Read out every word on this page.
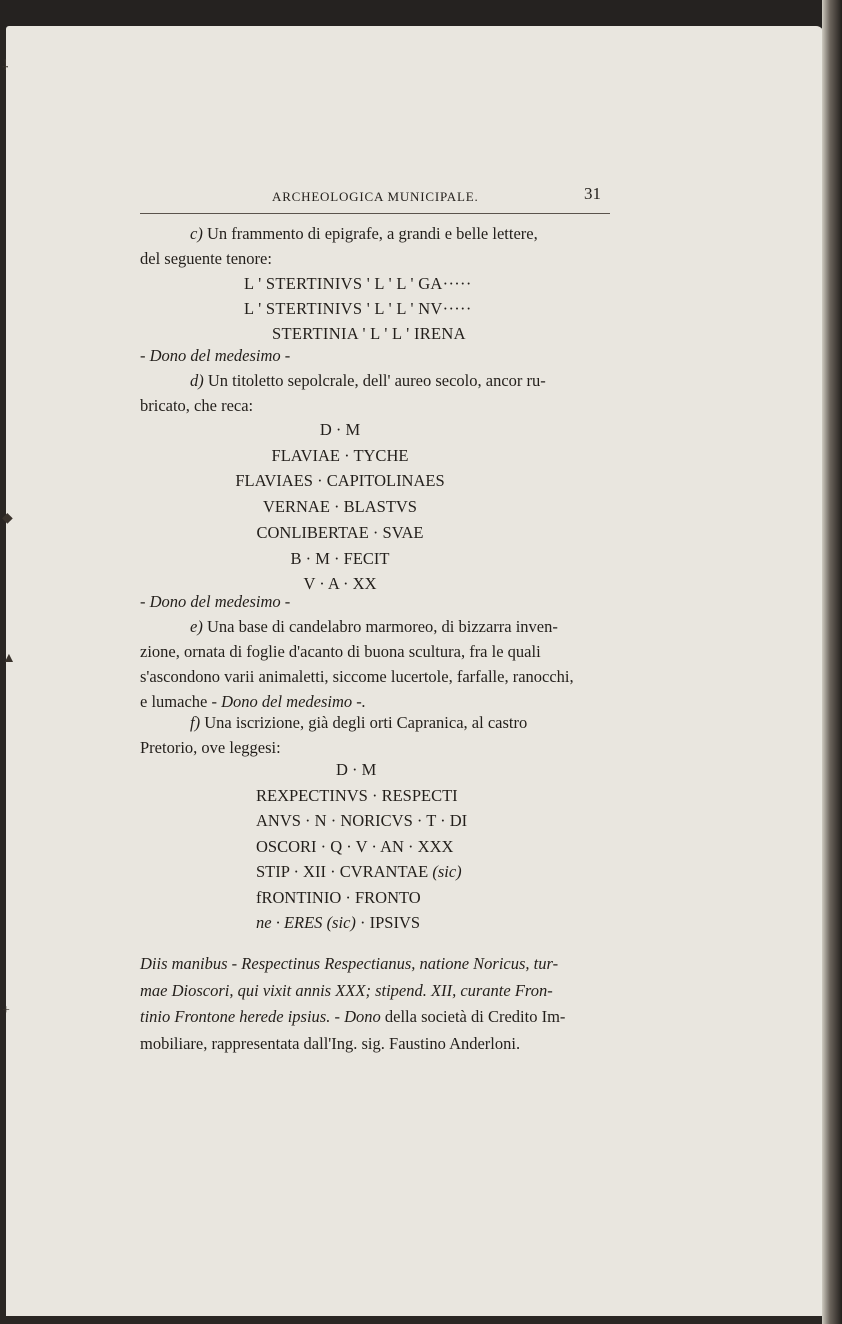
⸸
◆
▲
+
ARCHEOLOGICA MUNICIPALE.	31
c) Un frammento di epigrafe, a grandi e belle lettere,
del seguente tenore:
L ' STERTINIVS ' L ' L ' GA·····
L ' STERTINIVS ' L ' L ' NV·····
STERTINIA ' L ' L ' IRENA
- Dono del medesimo -
d) Un titoletto sepolcrale, dell' aureo secolo, ancor ru-
bricato, che reca:
D · M
FLAVIAE · TYCHE
FLAVIAES · CAPITOLINAES
VERNAE · BLASTVS
CONLIBERTAE · SVAE
B · M · FECIT
V · A · XX
- Dono del medesimo -
e) Una base di candelabro marmoreo, di bizzarra inven-
zione, ornata di foglie d'acanto di buona scultura, fra le quali
s'ascondono varii animaletti, siccome lucertole, farfalle, ranocchi,
e lumache - Dono del medesimo -.
f) Una iscrizione, già degli orti Capranica, al castro
Pretorio, ove leggesi:
D · M
REXPECTINVS · RESPECTI
ANVS · N · NORICVS · T · DI
OSCORI · Q · V · AN · XXX
STIP · XII · CVRANTAE (sic)
fRONTINIO · FRONTO
ne · ERES (sic) · IPSIVS
Diis manibus - Respectinus Respectianus, natione Noricus, tur-
mae Dioscori, qui vixit annis XXX; stipend. XII, curante Fron-
tinio Frontone herede ipsius. - Dono della società di Credito Im-
mobiliare, rappresentata dall'Ing. sig. Faustino Anderloni.
